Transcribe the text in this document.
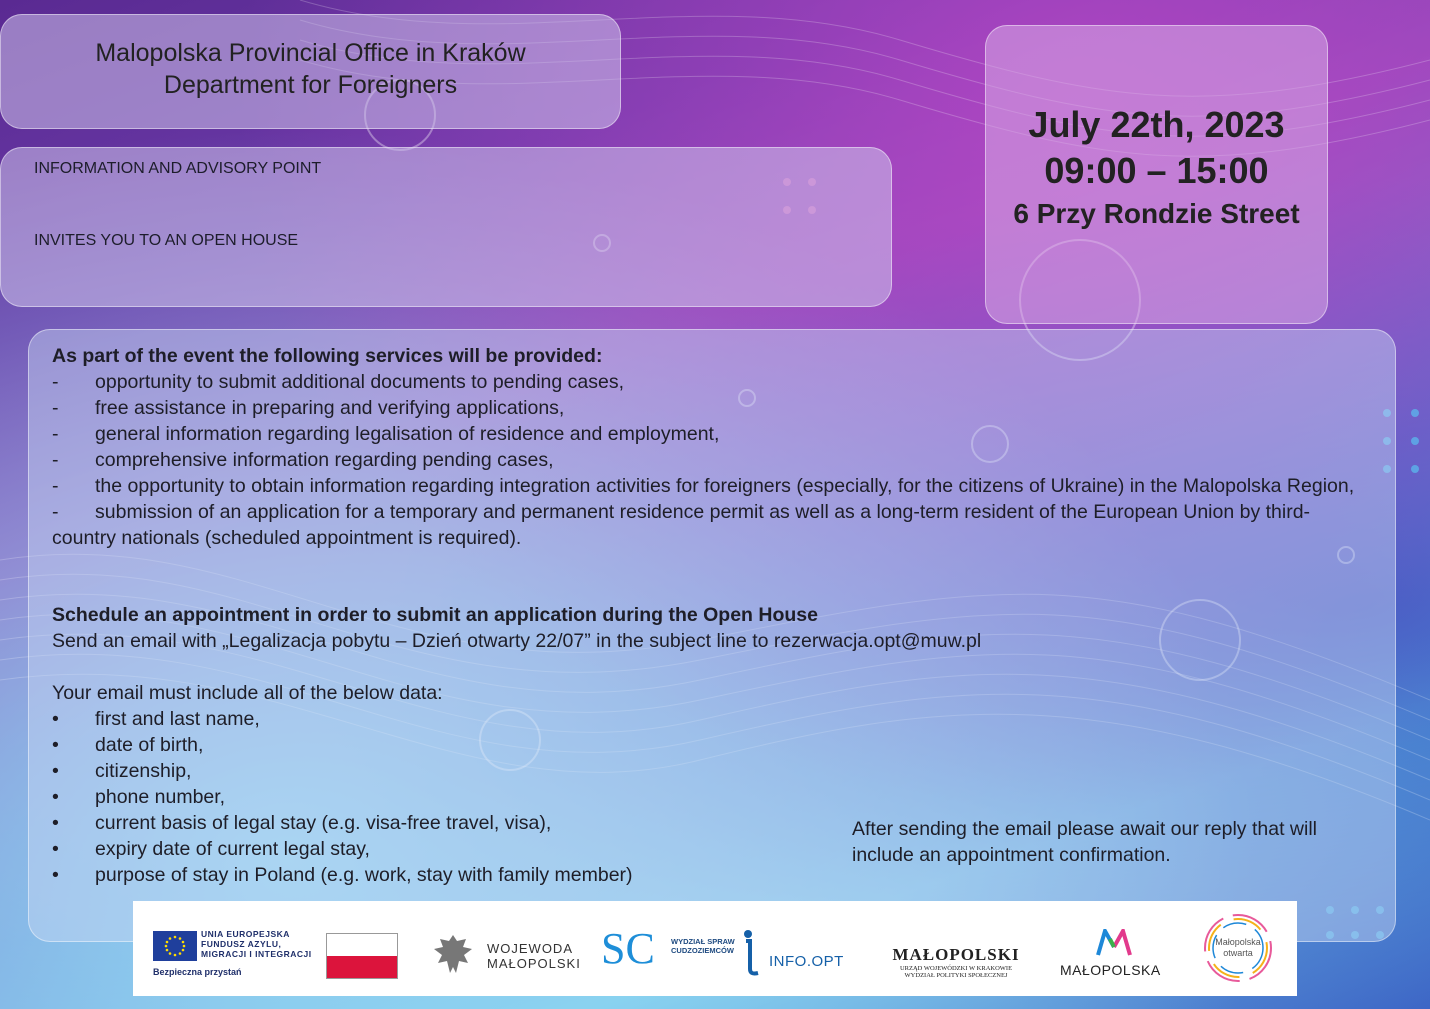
Malopolska Provincial Office in Kraków
Department for Foreigners
INFORMATION AND ADVISORY POINT
INVITES YOU TO AN OPEN HOUSE
July 22th, 2023
09:00 – 15:00
6 Przy Rondzie Street
As part of the event the following services will be provided:
- opportunity to submit additional documents to pending cases,
- free assistance in preparing and verifying applications,
- general information regarding legalisation of residence and employment,
- comprehensive information regarding pending cases,
- the opportunity to obtain information regarding integration activities for foreigners (especially, for the citizens of Ukraine) in the Malopolska Region,
- submission of an application for a temporary and permanent residence permit as well as a long-term resident of the European Union by third-country nationals (scheduled appointment is required).
Schedule an appointment in order to submit an application during the Open House
Send an email with „Legalizacja pobytu – Dzień otwarty 22/07” in the subject line to rezerwacja.opt@muw.pl
Your email must include all of the below data:
• first and last name,
• date of birth,
• citizenship,
• phone number,
• current basis of legal stay (e.g. visa-free travel, visa),
• expiry date of current legal stay,
• purpose of stay in Poland (e.g. work, stay with family member)
After sending the email please await our reply that will include an appointment confirmation.
UNIA EUROPEJSKA
FUNDUSZ AZYLU,
MIGRACJI I INTEGRACJI
Bezpieczna przystań
WOJEWODA
MAŁOPOLSKI SC WYDZIAŁ SPRAW
CUDZOZIEMCÓW
INFO.OPT	MAŁOPOLSKI
URZĄD WOJEWÓDZKI W KRAKOWIE
WYDZIAŁ POLITYKI SPOŁECZNEJ	MAŁOPOLSKA
Małopolska
otwarta
